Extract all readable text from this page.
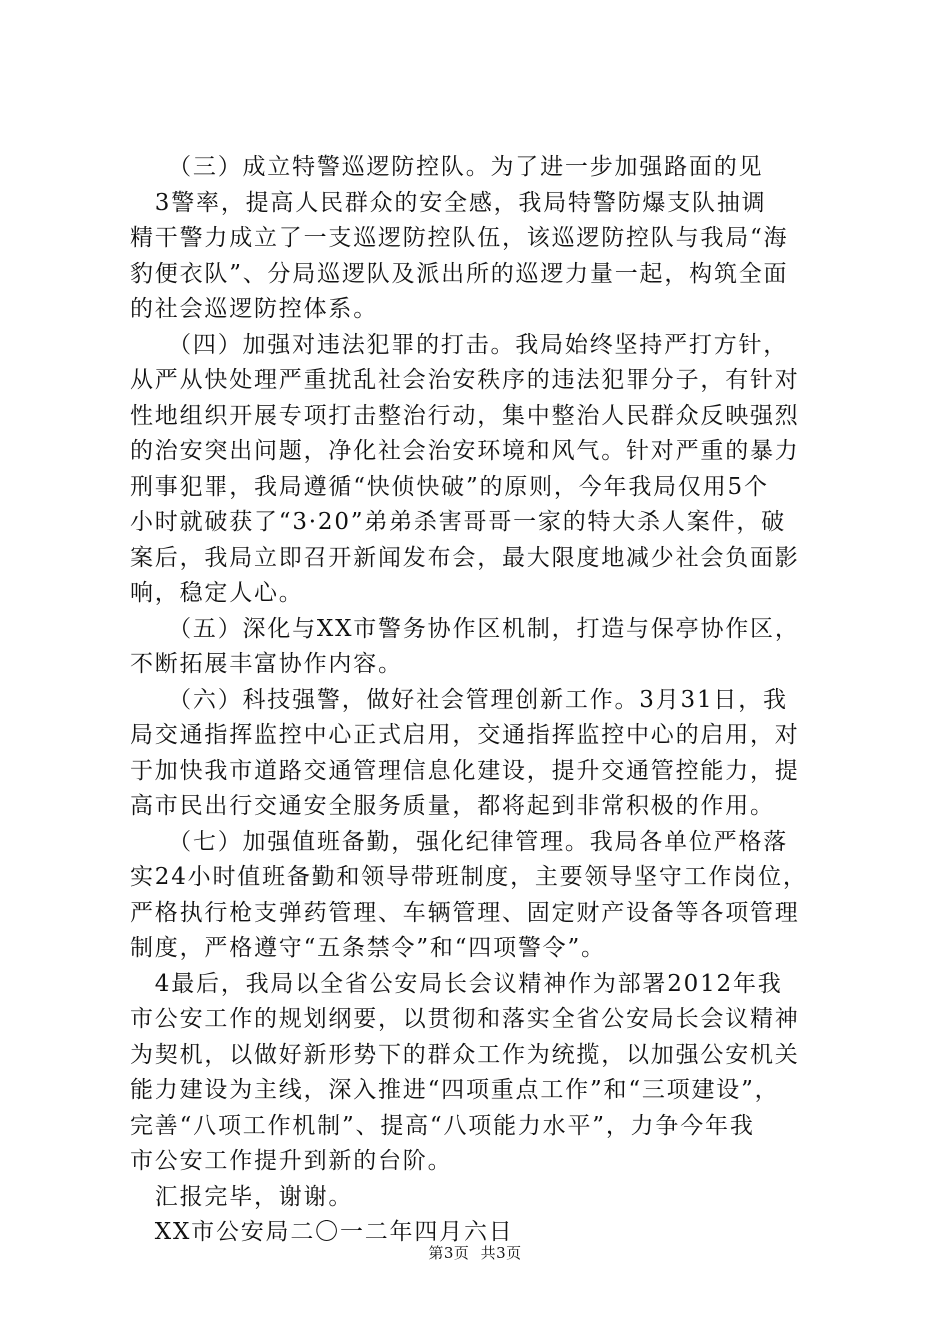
　　（三）成立特警巡逻防控队。为了进一步加强路面的见
　3警率，提高人民群众的安全感，我局特警防爆支队抽调
精干警力成立了一支巡逻防控队伍，该巡逻防控队与我局“海
豹便衣队”、分局巡逻队及派出所的巡逻力量一起，构筑全面
的社会巡逻防控体系。
　　（四）加强对违法犯罪的打击。我局始终坚持严打方针，
从严从快处理严重扰乱社会治安秩序的违法犯罪分子，有针对
性地组织开展专项打击整治行动，集中整治人民群众反映强烈
的治安突出问题，净化社会治安环境和风气。针对严重的暴力
刑事犯罪，我局遵循“快侦快破”的原则，今年我局仅用5个
小时就破获了“3·20”弟弟杀害哥哥一家的特大杀人案件，破
案后，我局立即召开新闻发布会，最大限度地减少社会负面影
响，稳定人心。
　　（五）深化与XX市警务协作区机制，打造与保亭协作区，
不断拓展丰富协作内容。
　　（六）科技强警，做好社会管理创新工作。3月31日，我
局交通指挥监控中心正式启用，交通指挥监控中心的启用，对
于加快我市道路交通管理信息化建设，提升交通管控能力，提
高市民出行交通安全服务质量，都将起到非常积极的作用。
　　（七）加强值班备勤，强化纪律管理。我局各单位严格落
实24小时值班备勤和领导带班制度，主要领导坚守工作岗位，
严格执行枪支弹药管理、车辆管理、固定财产设备等各项管理
制度，严格遵守“五条禁令”和“四项警令”。
　4最后，我局以全省公安局长会议精神作为部署2012年我
市公安工作的规划纲要，以贯彻和落实全省公安局长会议精神
为契机，以做好新形势下的群众工作为统揽，以加强公安机关
能力建设为主线，深入推进“四项重点工作”和“三项建设”，
完善“八项工作机制”、提高“八项能力水平”，力争今年我
市公安工作提升到新的台阶。
　汇报完毕，谢谢。
　XX市公安局二〇一二年四月六日
第3页 共3页
